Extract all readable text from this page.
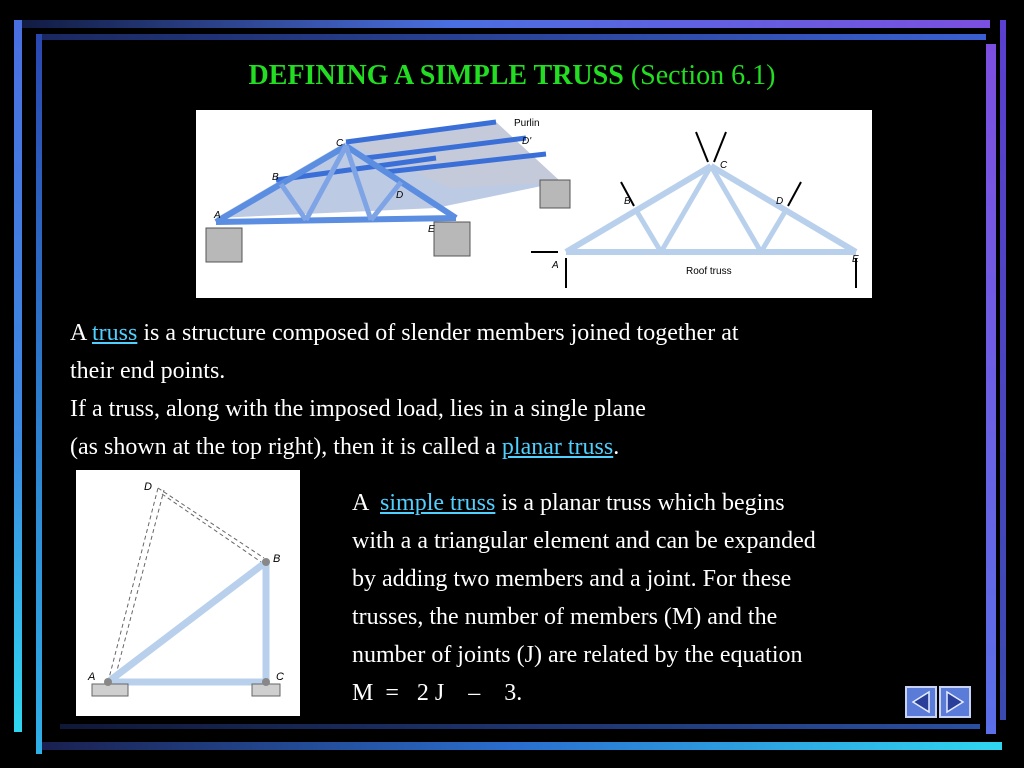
DEFINING A SIMPLE TRUSS (Section 6.1)
A
B
C
D
E
D'
Purlin
A
B
C
D
E
Roof truss
A truss is a structure composed of slender members joined together at
their end points.
If a truss, along with the imposed load, lies in a single plane
(as shown at the top right), then it is called a planar truss.
A
B
C
D
A  simple truss is a planar truss which begins
with a a triangular element and can be expanded
by adding two members and a joint. For these
trusses, the number of members (M) and the
number of joints (J) are related by the equation
M  =   2 J    –    3.
